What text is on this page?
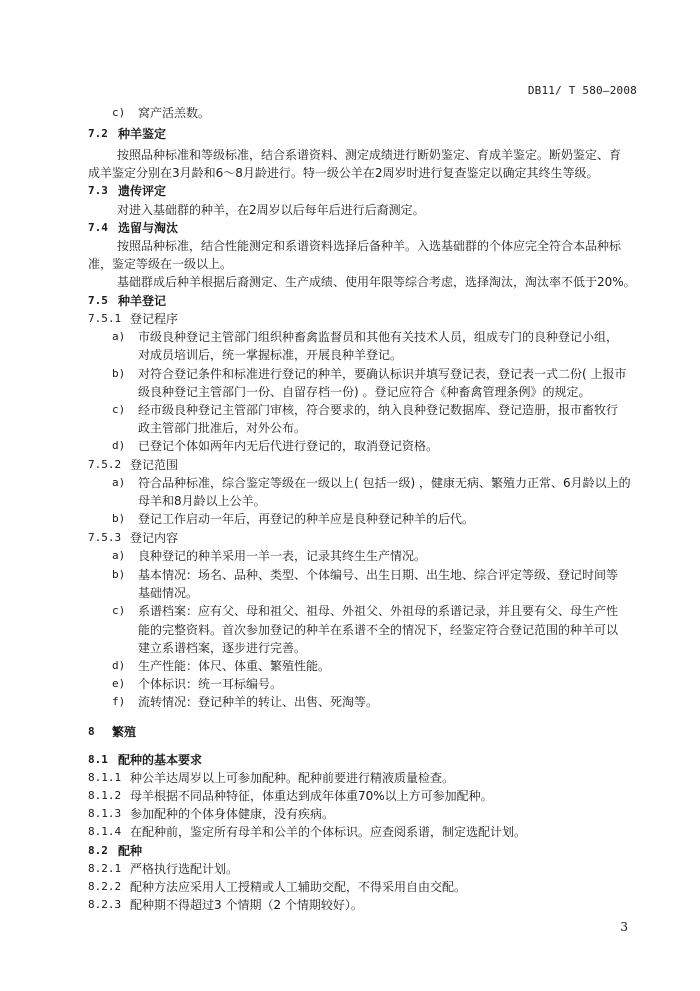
DB11/ T 580—2008
c) 窝产活羔数。
7.2 种羊鉴定
按照品种标准和等级标准，结合系谱资料、测定成绩进行断奶鉴定、育成羊鉴定。断奶鉴定、育
成羊鉴定分别在3月龄和6～8月龄进行。特一级公羊在2周岁时进行复查鉴定以确定其终生等级。
7.3 遗传评定
对进入基础群的种羊，在2周岁以后每年后进行后裔测定。
7.4 选留与淘汰
按照品种标准，结合性能测定和系谱资料选择后备种羊。入选基础群的个体应完全符合本品种标
准，鉴定等级在一级以上。
基础群成后种羊根据后裔测定、生产成绩、使用年限等综合考虑，选择淘汰，淘汰率不低于20%。
7.5 种羊登记
7.5.1 登记程序
a) 市级良种登记主管部门组织种畜禽监督员和其他有关技术人员，组成专门的良种登记小组，
对成员培训后，统一掌握标准，开展良种羊登记。
b) 对符合登记条件和标准进行登记的种羊，要确认标识并填写登记表，登记表一式二份( 上报市
级良种登记主管部门一份、自留存档一份) 。登记应符合《种畜禽管理条例》的规定。
c) 经市级良种登记主管部门审核，符合要求的，纳入良种登记数据库、登记造册，报市畜牧行
政主管部门批准后，对外公布。
d) 已登记个体如两年内无后代进行登记的，取消登记资格。
7.5.2 登记范围
a) 符合品种标准，综合鉴定等级在一级以上( 包括一级) ，健康无病、繁殖力正常、6月龄以上的
母羊和8月龄以上公羊。
b) 登记工作启动一年后，再登记的种羊应是良种登记种羊的后代。
7.5.3 登记内容
a) 良种登记的种羊采用一羊一表，记录其终生生产情况。
b) 基本情况：场名、品种、类型、个体编号、出生日期、出生地、综合评定等级、登记时间等
基础情况。
c) 系谱档案：应有父、母和祖父、祖母、外祖父、外祖母的系谱记录，并且要有父、母生产性
能的完整资料。首次参加登记的种羊在系谱不全的情况下，经鉴定符合登记范围的种羊可以
建立系谱档案，逐步进行完善。
d) 生产性能：体尺、体重、繁殖性能。
e) 个体标识：统一耳标编号。
f) 流转情况：登记种羊的转让、出售、死淘等。
8 繁殖
8.1 配种的基本要求
8.1.1 种公羊达周岁以上可参加配种。配种前要进行精液质量检查。
8.1.2 母羊根据不同品种特征，体重达到成年体重70%以上方可参加配种。
8.1.3 参加配种的个体身体健康，没有疾病。
8.1.4 在配种前，鉴定所有母羊和公羊的个体标识。应查阅系谱，制定选配计划。
8.2 配种
8.2.1 严格执行选配计划。
8.2.2 配种方法应采用人工授精或人工辅助交配，不得采用自由交配。
8.2.3 配种期不得超过3 个情期（2 个情期较好）。
3
